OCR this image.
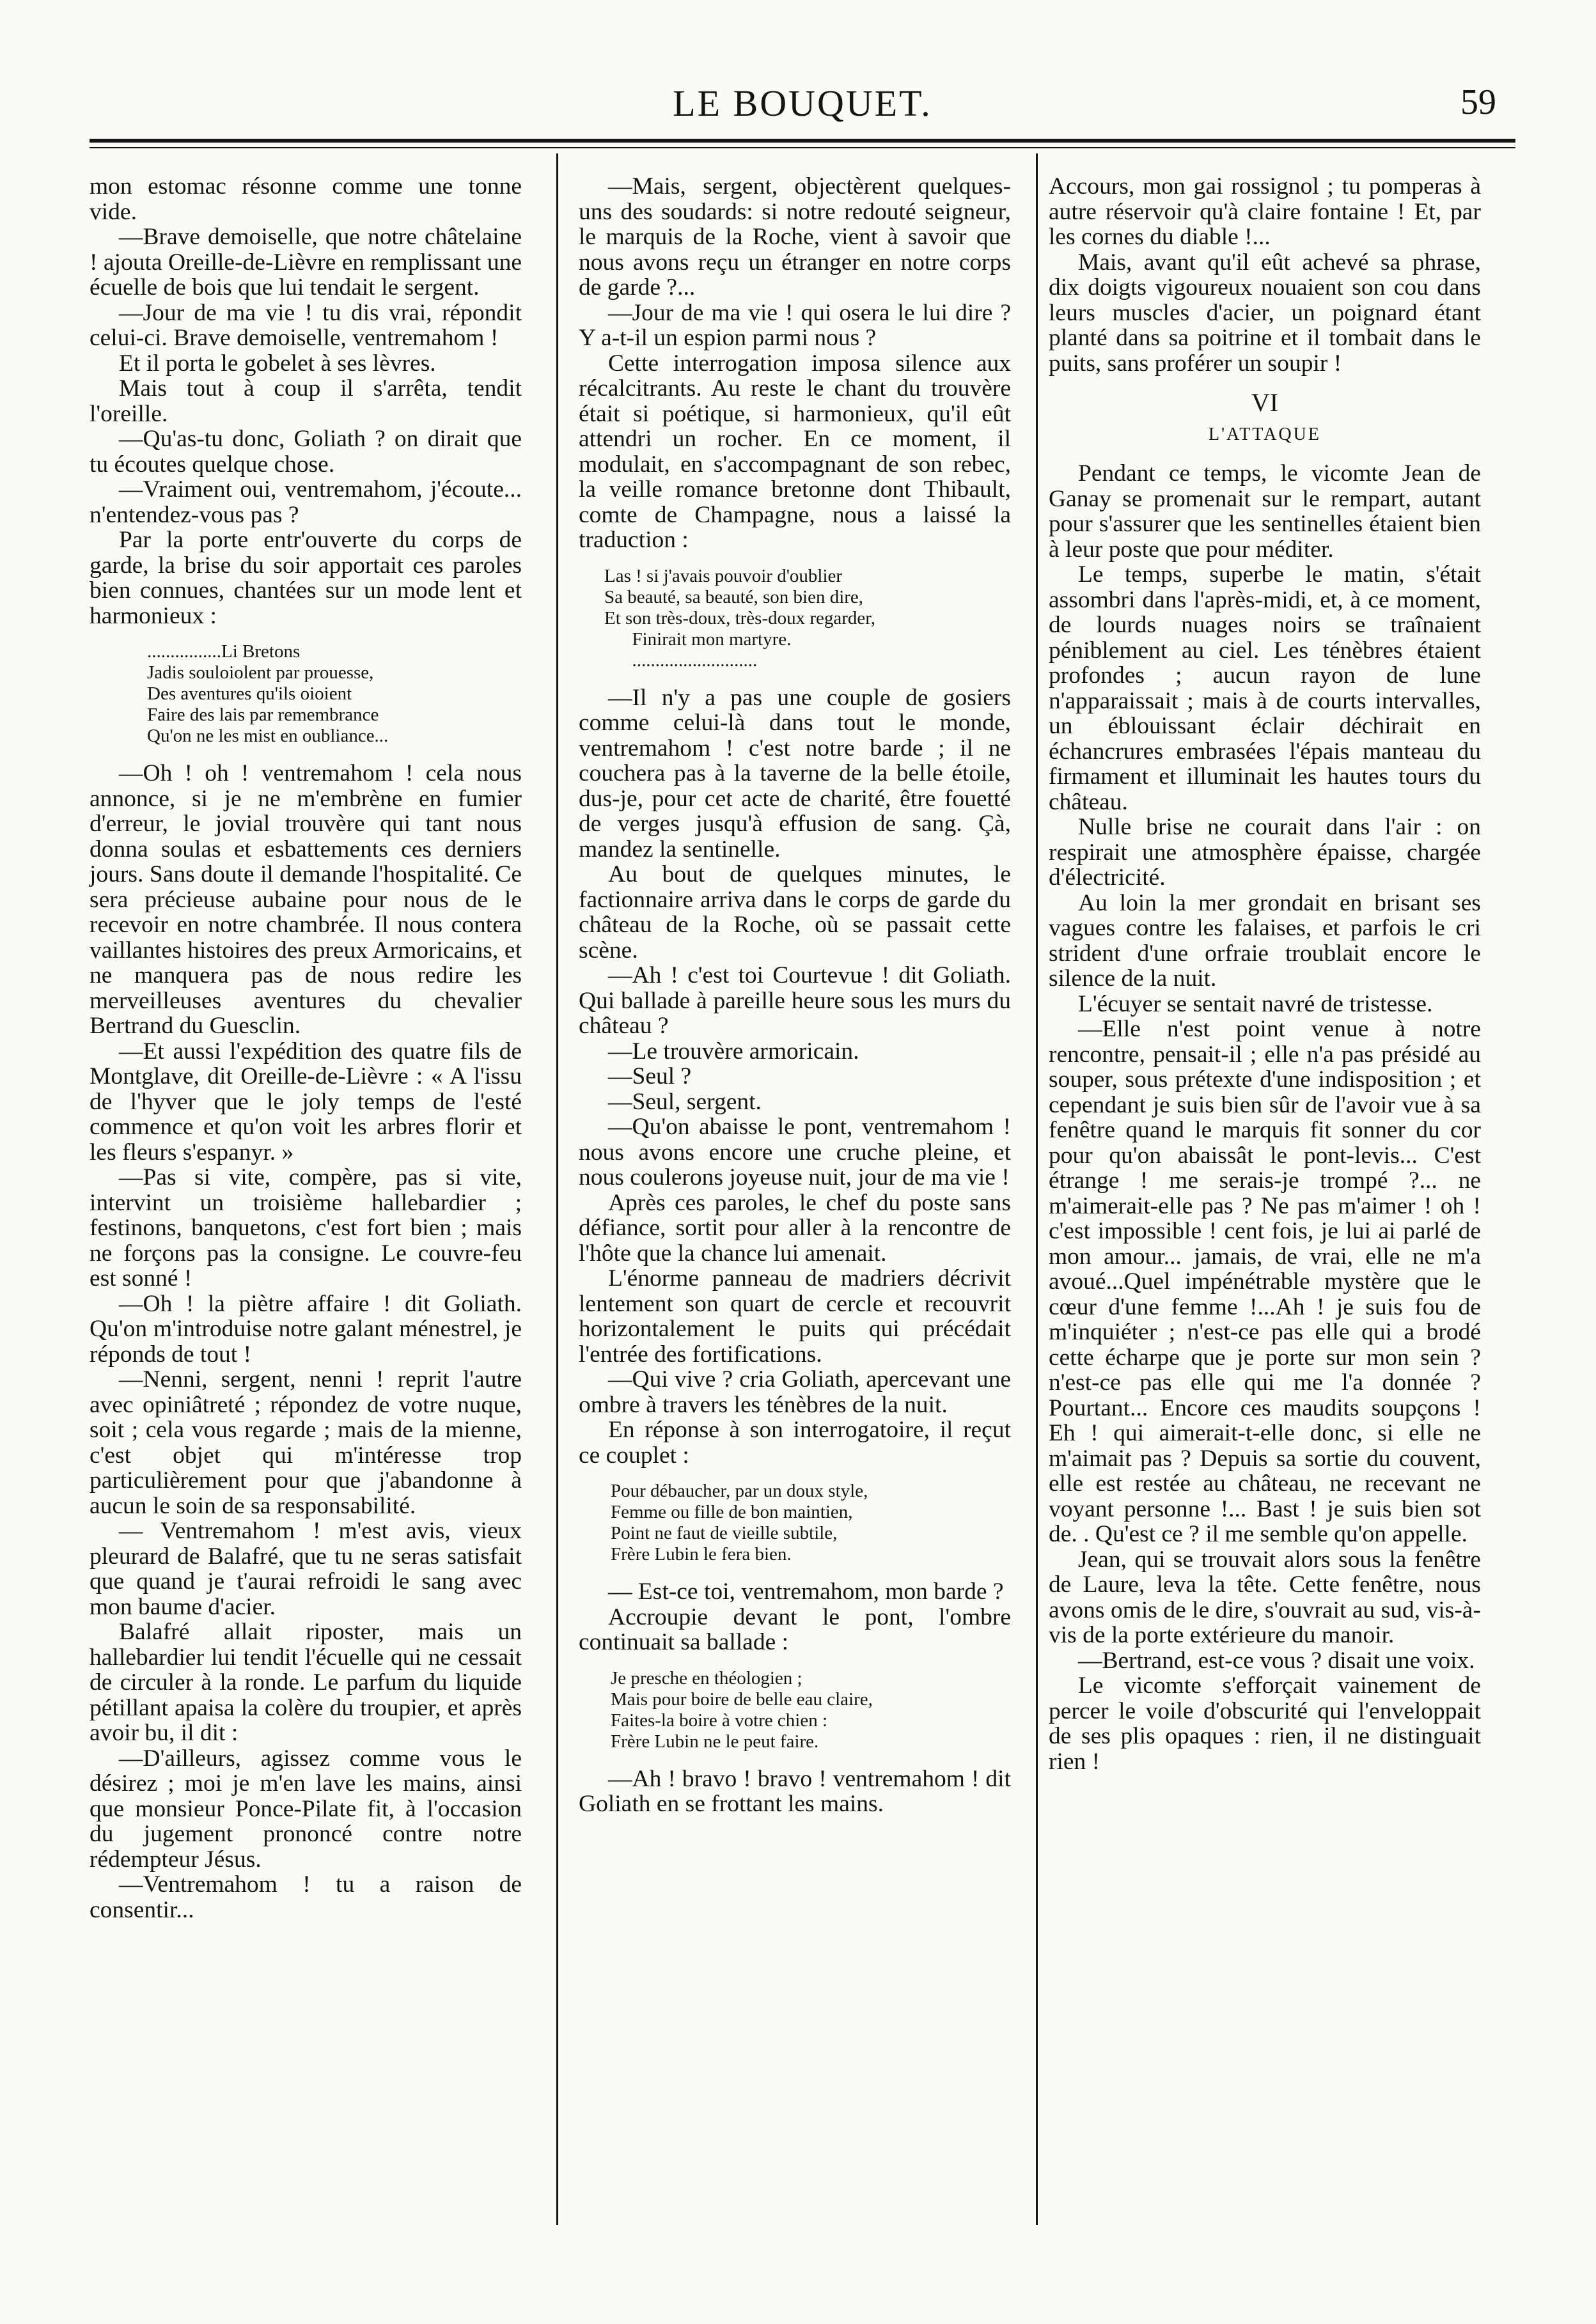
LE BOUQUET.	59

mon estomac résonne comme une tonne vide.

—Brave demoiselle, que notre châtelaine ! ajouta Oreille-de-Lièvre en remplissant une écuelle de bois que lui tendait le sergent.

—Jour de ma vie ! tu dis vrai, répondit celui-ci. Brave demoiselle, ventremahom !

Et il porta le gobelet à ses lèvres.

Mais tout à coup il s'arrêta, tendit l'oreille.

—Qu'as-tu donc, Goliath ? on dirait que tu écoutes quelque chose.

—Vraiment oui, ventremahom, j'écoute... n'entendez-vous pas ?

Par la porte entr'ouverte du corps de garde, la brise du soir apportait ces paroles bien connues, chantées sur un mode lent et harmonieux :

................Li Bretons
Jadis souloiolent par prouesse,
Des aventures qu'ils oioient
Faire des lais par remembrance
Qu'on ne les mist en oubliance...

—Oh ! oh ! ventremahom ! cela nous annonce, si je ne m'embrène en fumier d'erreur, le jovial trouvère qui tant nous donna soulas et esbattements ces derniers jours. Sans doute il demande l'hospitalité. Ce sera précieuse aubaine pour nous de le recevoir en notre chambrée. Il nous contera vaillantes histoires des preux Armoricains, et ne manquera pas de nous redire les merveilleuses aventures du chevalier Bertrand du Guesclin.

—Et aussi l'expédition des quatre fils de Montglave, dit Oreille-de-Lièvre : « A l'issu de l'hyver que le joly temps de l'esté commence et qu'on voit les arbres florir et les fleurs s'espanyr. »

—Pas si vite, compère, pas si vite, intervint un troisième hallebardier ; festinons, banquetons, c'est fort bien ; mais ne forçons pas la consigne. Le couvre-feu est sonné !

—Oh ! la piètre affaire ! dit Goliath. Qu'on m'introduise notre galant ménestrel, je réponds de tout !

—Nenni, sergent, nenni ! reprit l'autre avec opiniâtreté ; répondez de votre nuque, soit ; cela vous regarde ; mais de la mienne, c'est objet qui m'intéresse trop particulièrement pour que j'abandonne à aucun le soin de sa responsabilité.

— Ventremahom ! m'est avis, vieux pleurard de Balafré, que tu ne seras satisfait que quand je t'aurai refroidi le sang avec mon baume d'acier.

Balafré allait riposter, mais un hallebardier lui tendit l'écuelle qui ne cessait de circuler à la ronde. Le parfum du liquide pétillant apaisa la colère du troupier, et après avoir bu, il dit :

—D'ailleurs, agissez comme vous le désirez ; moi je m'en lave les mains, ainsi que monsieur Ponce-Pilate fit, à l'occasion du jugement prononcé contre notre rédempteur Jésus.

—Ventremahom ! tu a raison de consentir...

—Mais, sergent, objectèrent quelques-uns des soudards: si notre redouté seigneur, le marquis de la Roche, vient à savoir que nous avons reçu un étranger en notre corps de garde ?...

—Jour de ma vie ! qui osera le lui dire ? Y a-t-il un espion parmi nous ?

Cette interrogation imposa silence aux récalcitrants. Au reste le chant du trouvère était si poétique, si harmonieux, qu'il eût attendri un rocher. En ce moment, il modulait, en s'accompagnant de son rebec, la veille romance bretonne dont Thibault, comte de Champagne, nous a laissé la traduction :

Las ! si j'avais pouvoir d'oublier
Sa beauté, sa beauté, son bien dire,
Et son très-doux, très-doux regarder,
Finirait mon martyre.
...........................

—Il n'y a pas une couple de gosiers comme celui-là dans tout le monde, ventremahom ! c'est notre barde ; il ne couchera pas à la taverne de la belle étoile, dus-je, pour cet acte de charité, être fouetté de verges jusqu'à effusion de sang. Çà, mandez la sentinelle.

Au bout de quelques minutes, le factionnaire arriva dans le corps de garde du château de la Roche, où se passait cette scène.

—Ah ! c'est toi Courtevue ! dit Goliath. Qui ballade à pareille heure sous les murs du château ?

—Le trouvère armoricain.

—Seul ?

—Seul, sergent.

—Qu'on abaisse le pont, ventremahom ! nous avons encore une cruche pleine, et nous coulerons joyeuse nuit, jour de ma vie !

Après ces paroles, le chef du poste sans défiance, sortit pour aller à la rencontre de l'hôte que la chance lui amenait.

L'énorme panneau de madriers décrivit lentement son quart de cercle et recouvrit horizontalement le puits qui précédait l'entrée des fortifications.

—Qui vive ? cria Goliath, apercevant une ombre à travers les ténèbres de la nuit.

En réponse à son interrogatoire, il reçut ce couplet :

Pour débaucher, par un doux style,
Femme ou fille de bon maintien,
Point ne faut de vieille subtile,
Frère Lubin le fera bien.

— Est-ce toi, ventremahom, mon barde ?

Accroupie devant le pont, l'ombre continuait sa ballade :

Je presche en théologien ;
Mais pour boire de belle eau claire,
Faites-la boire à votre chien :
Frère Lubin ne le peut faire.

—Ah ! bravo ! bravo ! ventremahom ! dit Goliath en se frottant les mains.

Accours, mon gai rossignol ; tu pomperas à autre réservoir qu'à claire fontaine ! Et, par les cornes du diable !...

Mais, avant qu'il eût achevé sa phrase, dix doigts vigoureux nouaient son cou dans leurs muscles d'acier, un poignard étant planté dans sa poitrine et il tombait dans le puits, sans proférer un soupir !

VI

L'ATTAQUE

Pendant ce temps, le vicomte Jean de Ganay se promenait sur le rempart, autant pour s'assurer que les sentinelles étaient bien à leur poste que pour méditer.

Le temps, superbe le matin, s'était assombri dans l'après-midi, et, à ce moment, de lourds nuages noirs se traînaient péniblement au ciel. Les ténèbres étaient profondes ; aucun rayon de lune n'apparaissait ; mais à de courts intervalles, un éblouissant éclair déchirait en échancrures embrasées l'épais manteau du firmament et illuminait les hautes tours du château.

Nulle brise ne courait dans l'air : on respirait une atmosphère épaisse, chargée d'électricité.

Au loin la mer grondait en brisant ses vagues contre les falaises, et parfois le cri strident d'une orfraie troublait encore le silence de la nuit.

L'écuyer se sentait navré de tristesse.

—Elle n'est point venue à notre rencontre, pensait-il ; elle n'a pas présidé au souper, sous prétexte d'une indisposition ; et cependant je suis bien sûr de l'avoir vue à sa fenêtre quand le marquis fit sonner du cor pour qu'on abaissât le pont-levis... C'est étrange ! me serais-je trompé ?... ne m'aimerait-elle pas ? Ne pas m'aimer ! oh ! c'est impossible ! cent fois, je lui ai parlé de mon amour... jamais, de vrai, elle ne m'a avoué...Quel impénétrable mystère que le cœur d'une femme !...Ah ! je suis fou de m'inquiéter ; n'est-ce pas elle qui a brodé cette écharpe que je porte sur mon sein ? n'est-ce pas elle qui me l'a donnée ? Pourtant... Encore ces maudits soupçons ! Eh ! qui aimerait-t-elle donc, si elle ne m'aimait pas ? Depuis sa sortie du couvent, elle est restée au château, ne recevant ne voyant personne !... Bast ! je suis bien sot de. . Qu'est ce ? il me semble qu'on appelle.

Jean, qui se trouvait alors sous la fenêtre de Laure, leva la tête. Cette fenêtre, nous avons omis de le dire, s'ouvrait au sud, vis-à-vis de la porte extérieure du manoir.

—Bertrand, est-ce vous ? disait une voix.

Le vicomte s'efforçait vainement de percer le voile d'obscurité qui l'enveloppait de ses plis opaques : rien, il ne distinguait rien !
